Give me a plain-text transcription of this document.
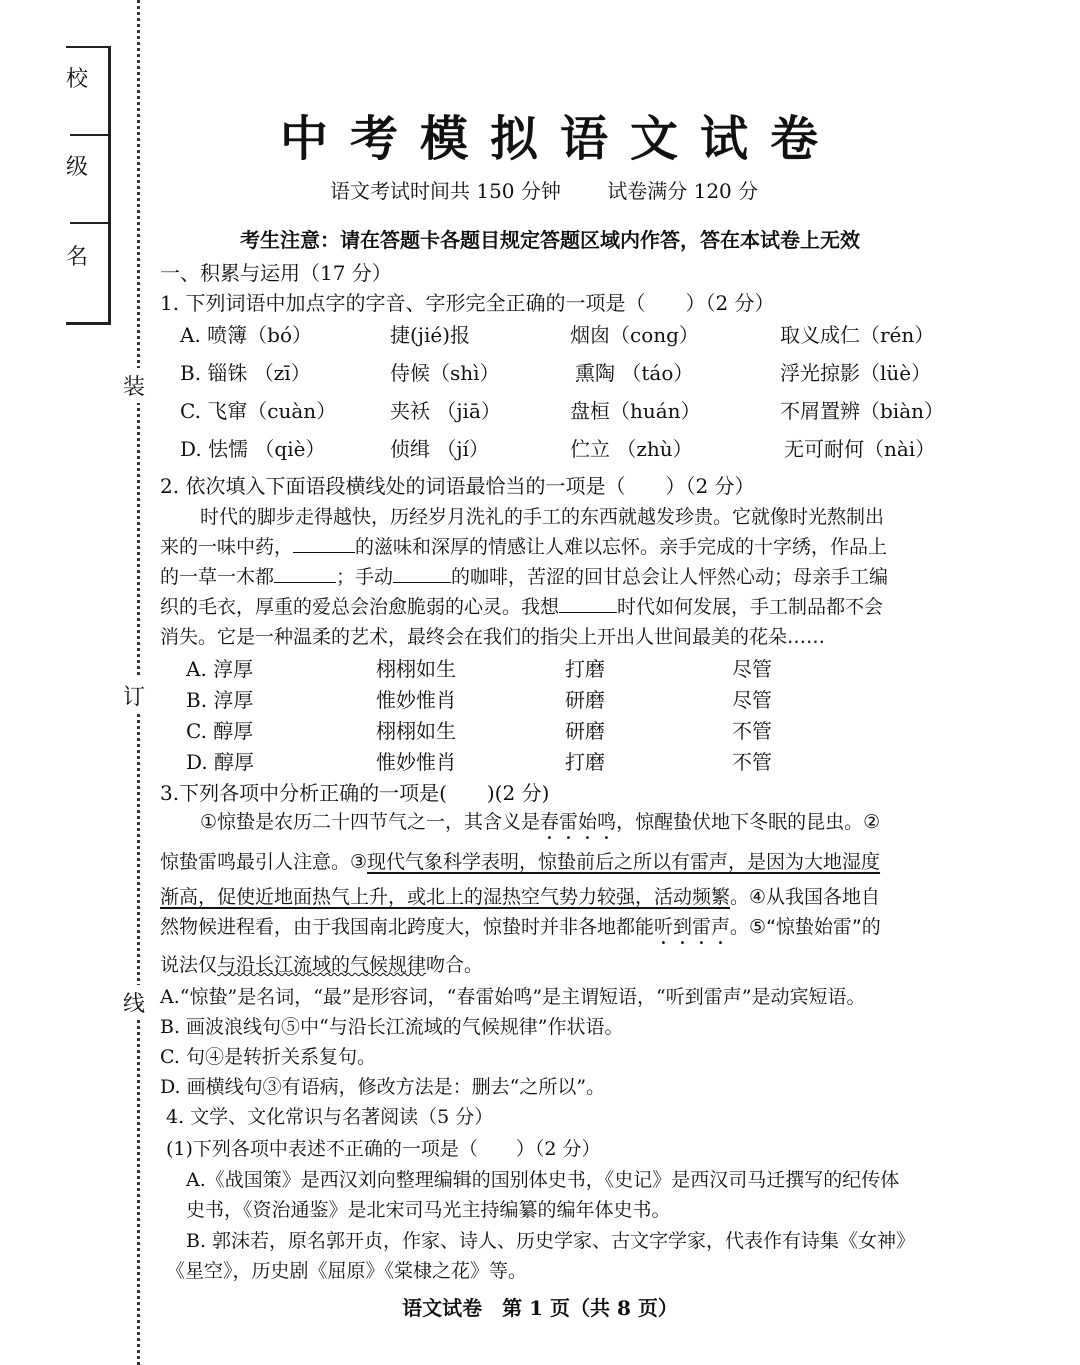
校
级
名
装
订
线
中考模拟语文试卷
语文考试时间共 150 分钟 试卷满分 120 分
考生注意：请在答题卡各题目规定答题区域内作答，答在本试卷上无效
一、积累与运用（17 分）
1. 下列词语中加点字的字音、字形完全正确的一项是（　　）（2 分）
A. 喷簿（bó）	捷(jié)报	烟囱（cong）	取义成仁（rén）
B. 锱铢 （zī）	侍候（shì）	熏陶 （táo）	浮光掠影（lüè）
C. 飞窜（cuàn）	夹袄 （jiā）	盘桓（huán）	不屑置辨（biàn）
D. 怯懦 （qiè）	侦缉 （jí）	伫立 （zhù）	无可耐何（nài）
2. 依次填入下面语段横线处的词语最恰当的一项是（　　）（2 分）
时代的脚步走得越快，历经岁月洗礼的手工的东西就越发珍贵。它就像时光熬制出
来的一味中药，	的滋味和深厚的情感让人难以忘怀。亲手完成的十字绣，作品上
的一草一木都	；手动	的咖啡，苦涩的回甘总会让人怦然心动；母亲手工编
织的毛衣，厚重的爱总会治愈脆弱的心灵。我想	时代如何发展，手工制品都不会
消失。它是一种温柔的艺术，最终会在我们的指尖上开出人世间最美的花朵……
A. 淳厚	栩栩如生	打磨	尽管
B. 淳厚	惟妙惟肖	研磨	尽管
C. 醇厚	栩栩如生	研磨	不管
D. 醇厚	惟妙惟肖	打磨	不管
3.下列各项中分析正确的一项是(　　)(2 分)
①惊蛰是农历二十四节气之一，其含义是春雷始鸣，惊醒蛰伏地下冬眠的昆虫。②
惊蛰雷鸣最引人注意。③现代气象科学表明，惊蛰前后之所以有雷声，是因为大地湿度
渐高，促使近地面热气上升，或北上的湿热空气势力较强，活动频繁。④从我国各地自
然物候进程看，由于我国南北跨度大，惊蛰时并非各地都能听到雷声。⑤“惊蛰始雷”的
说法仅与沿长江流域的气候规律吻合。
A.“惊蛰”是名词，“最”是形容词，“春雷始鸣”是主谓短语，“听到雷声”是动宾短语。
B. 画波浪线句⑤中“与沿长江流域的气候规律”作状语。
C. 句④是转折关系复句。
D. 画横线句③有语病，修改方法是：删去“之所以”。
4. 文学、文化常识与名著阅读（5 分）
(1)下列各项中表述不正确的一项是（　　）（2 分）
A.《战国策》是西汉刘向整理编辑的国别体史书，《史记》是西汉司马迁撰写的纪传体
史书，《资治通鉴》是北宋司马光主持编纂的编年体史书。
B. 郭沫若，原名郭开贞，作家、诗人、历史学家、古文字学家，代表作有诗集《女神》
《星空》，历史剧《屈原》《棠棣之花》等。
语文试卷　第 1 页（共 8 页）
